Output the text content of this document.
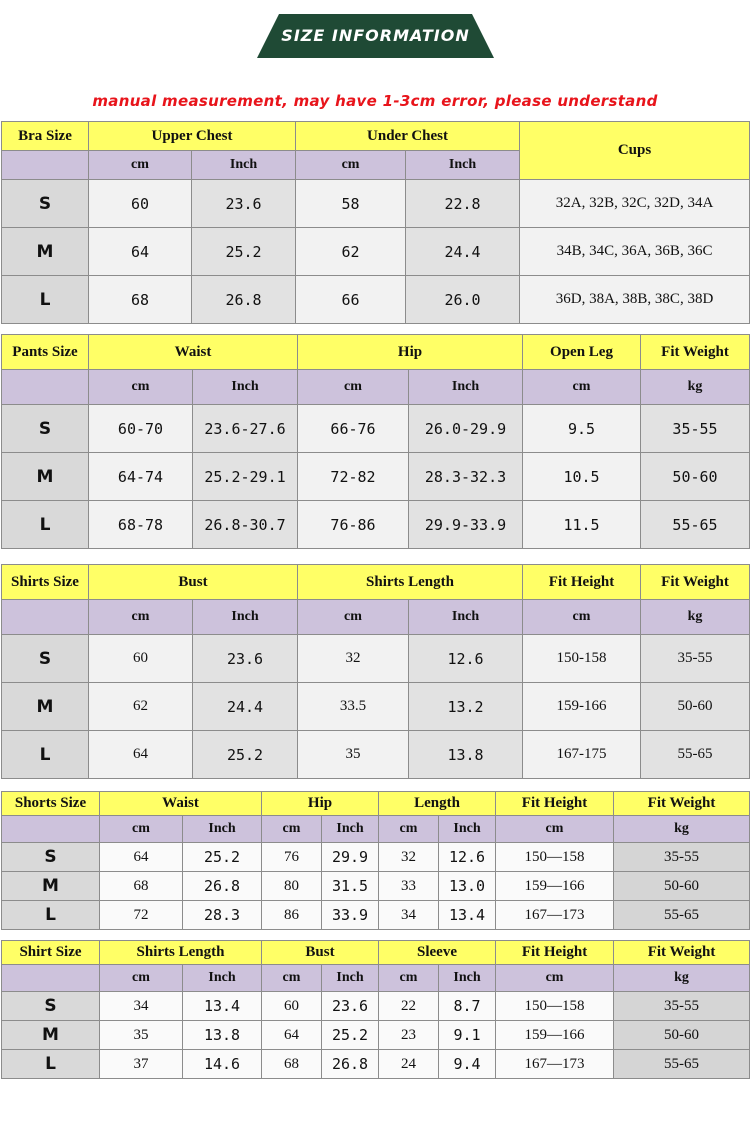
SIZE INFORMATION
manual measurement, may have 1-3cm error, please understand
Bra Size	Upper Chest		Under Chest		Cups
	cm	Inch	cm	Inch	
S	60	23.6	58	22.8	32A, 32B, 32C, 32D, 34A
M	64	25.2	62	24.4	34B, 34C, 36A, 36B, 36C
L	68	26.8	66	26.0	36D, 38A, 38B, 38C, 38D
Pants Size	Waist		Hip		Open Leg	Fit Weight
	cm	Inch	cm	Inch	cm	kg
S	60-70	23.6-27.6	66-76	26.0-29.9	9.5	35-55
M	64-74	25.2-29.1	72-82	28.3-32.3	10.5	50-60
L	68-78	26.8-30.7	76-86	29.9-33.9	11.5	55-65
Shirts Size	Bust		Shirts Length		Fit Height	Fit Weight
	cm	Inch	cm	Inch	cm	kg
S	60	23.6	32	12.6	150-158	35-55
M	62	24.4	33.5	13.2	159-166	50-60
L	64	25.2	35	13.8	167-175	55-65
Shorts Size	Waist		Hip		Length		Fit Height	Fit Weight
	cm	Inch	cm	Inch	cm	Inch	cm	kg
S	64	25.2	76	29.9	32	12.6	150—158	35-55
M	68	26.8	80	31.5	33	13.0	159—166	50-60
L	72	28.3	86	33.9	34	13.4	167—173	55-65
Shirt Size	Shirts Length		Bust		Sleeve		Fit Height	Fit Weight
	cm	Inch	cm	Inch	cm	Inch	cm	kg
S	34	13.4	60	23.6	22	8.7	150—158	35-55
M	35	13.8	64	25.2	23	9.1	159—166	50-60
L	37	14.6	68	26.8	24	9.4	167—173	55-65
